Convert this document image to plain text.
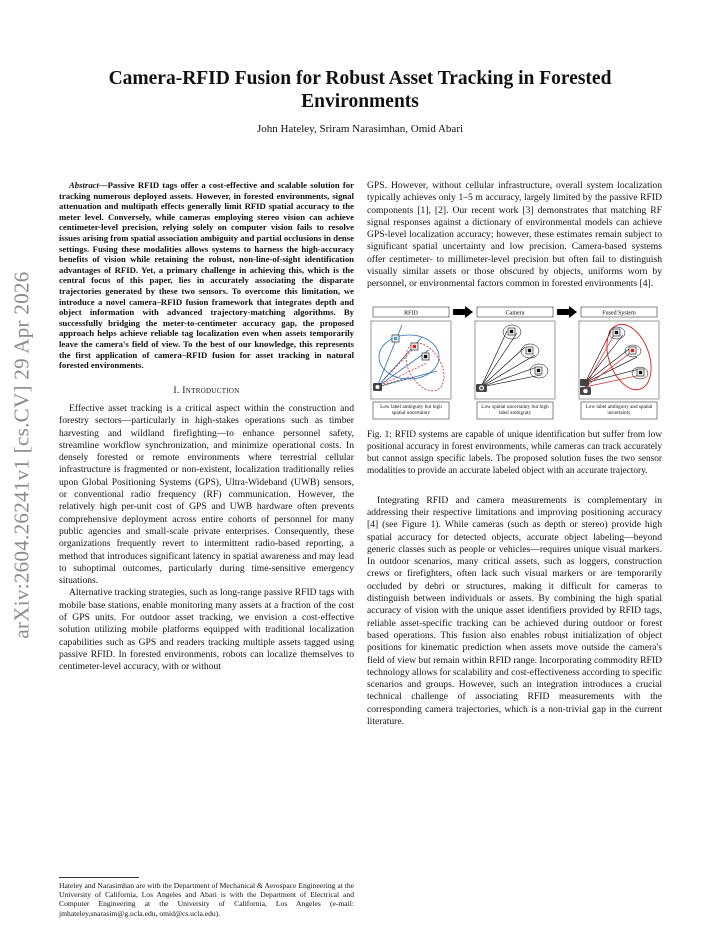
arXiv:2604.26241v1 [cs.CV] 29 Apr 2026
Camera-RFID Fusion for Robust Asset Tracking in Forested Environments
John Hateley, Sriram Narasimhan, Omid Abari
Abstract—Passive RFID tags offer a cost-effective and scalable solution for tracking numerous deployed assets. However, in forested environments, signal attenuation and multipath effects generally limit RFID spatial accuracy to the meter level. Conversely, while cameras employing stereo vision can achieve centimeter-level precision, relying solely on computer vision fails to resolve issues arising from spatial association ambiguity and partial occlusions in dense settings. Fusing these modalities allows systems to harness the high-accuracy benefits of vision while retaining the robust, non-line-of-sight identification advantages of RFID. Yet, a primary challenge in achieving this, which is the central focus of this paper, lies in accurately associating the disparate trajectories generated by these two sensors. To overcome this limitation, we introduce a novel camera–RFID fusion framework that integrates depth and object information with advanced trajectory-matching algorithms. By successfully bridging the meter-to-centimeter accuracy gap, the proposed approach helps achieve reliable tag localization even when assets temporarily leave the camera's field of view. To the best of our knowledge, this represents the first application of camera–RFID fusion for asset tracking in natural forested environments.
I. Introduction

Effective asset tracking is a critical aspect within the construction and forestry sectors—particularly in high-stakes operations such as timber harvesting and wildland firefighting—to enhance personnel safety, streamline workflow synchronization, and minimize operational costs. In densely forested or remote environments where terrestrial cellular infrastructure is fragmented or non-existent, localization traditionally relies upon Global Positioning Systems (GPS), Ultra-Wideband (UWB) sensors, or conventional radio frequency (RF) communication. However, the relatively high per-unit cost of GPS and UWB hardware often prevents comprehensive deployment across entire cohorts of personnel for many public agencies and small-scale private enterprises. Consequently, these organizations frequently revert to intermittent radio-based reporting, a method that introduces significant latency in spatial awareness and may lead to suboptimal outcomes, particularly during time-sensitive emergency situations.

Alternative tracking strategies, such as long-range passive RFID tags with mobile base stations, enable monitoring many assets at a fraction of the cost of GPS units. For outdoor asset tracking, we envision a cost-effective solution utilizing mobile platforms equipped with traditional localization capabilities such as GPS and readers tracking multiple assets tagged using passive RFID. In forested environments, robots can localize themselves to centimeter-level accuracy, with or without

Hateley and Narasimhan are with the Department of Mechanical & Aerospace Engineering at the University of California, Los Angeles and Abari is with the Department of Electrical and Computer Engineering at the University of California, Los Angeles (e-mail: jmhateley,snarasim@g.ucla.edu, omid@cs.ucla.edu).

GPS. However, without cellular infrastructure, overall system localization typically achieves only 1–5 m accuracy, largely limited by the passive RFID components [1], [2]. Our recent work [3] demonstrates that matching RF signal responses against a dictionary of environmental models can achieve GPS-level localization accuracy; however, these estimates remain subject to significant spatial uncertainty and low precision. Camera-based systems offer centimeter- to millimeter-level precision but often fail to distinguish visually similar assets or those obscured by objects, uniforms worn by personnel, or environmental factors common in forested environments [4].

RFID	Camera	Fused System
Low label ambiguity but high spatial uncertainty
Low spatial uncertainty but high label ambiguity
Low label ambiguity and spatial uncertainty
Fig. 1: RFID systems are capable of unique identification but suffer from low positional accuracy in forest environments, while cameras can track accurately but cannot assign specific labels. The proposed solution fuses the two sensor modalities to provide an accurate labeled object with an accurate trajectory.

Integrating RFID and camera measurements is complementary in addressing their respective limitations and improving positioning accuracy [4] (see Figure 1). While cameras (such as depth or stereo) provide high spatial accuracy for detected objects, accurate object labeling—beyond generic classes such as people or vehicles—requires unique visual markers. In outdoor scenarios, many critical assets, such as loggers, construction crews or firefighters, often lack such visual markers or are temporarily occluded by debri or structures, making it difficult for cameras to distinguish between individuals or assets. By combining the high spatial accuracy of vision with the unique asset identifiers provided by RFID tags, reliable asset-specific tracking can be achieved during outdoor or forest based operations. This fusion also enables robust initialization of object positions for kinematic prediction when assets move outside the camera's field of view but remain within RFID range. Incorporating commodity RFID technology allows for scalability and cost-effectiveness according to specific scenarios and groups. However, such an integration introduces a crucial technical challenge of associating RFID measurements with the corresponding camera trajectories, which is a non-trivial gap in the current literature.
